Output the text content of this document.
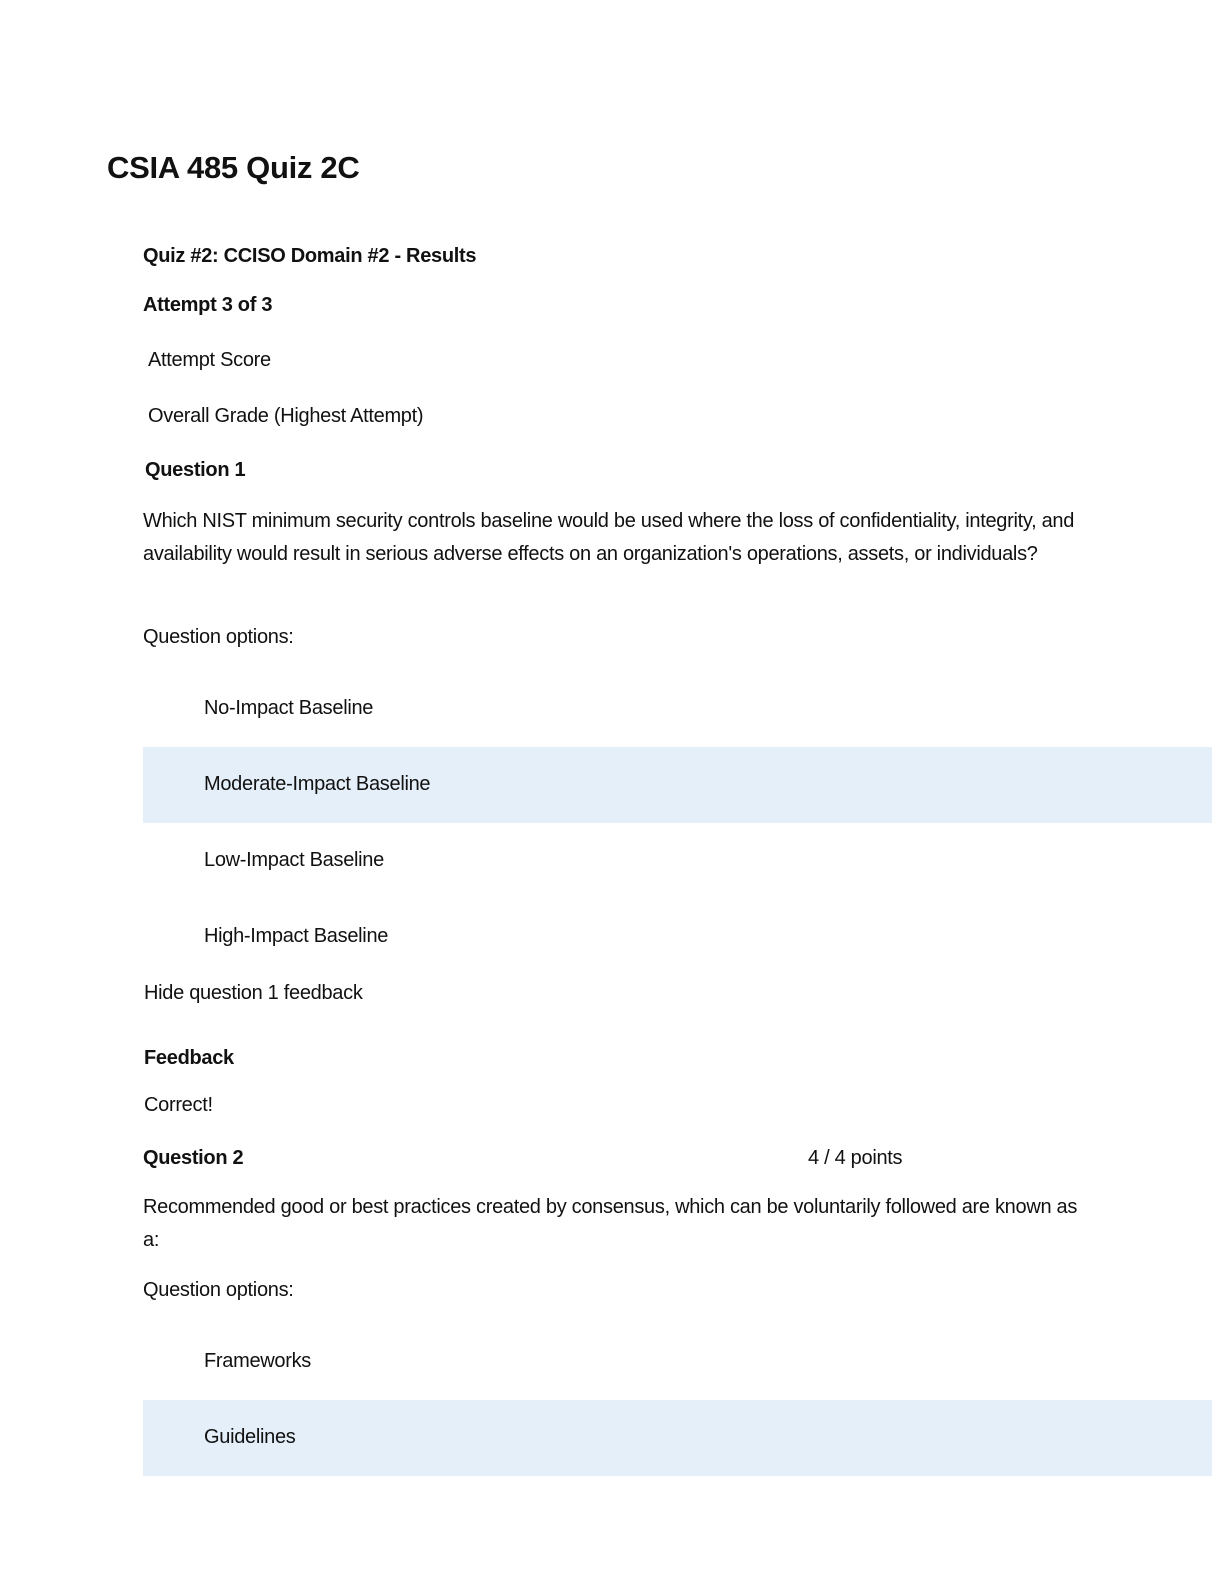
CSIA 485 Quiz 2C
Quiz #2: CCISO Domain #2 - Results
Attempt 3 of 3
Attempt Score
Overall Grade (Highest Attempt)
Question 1
Which NIST minimum security controls baseline would be used where the loss of confidentiality, integrity, and availability would result in serious adverse effects on an organization's operations, assets, or individuals?
Question options:
No-Impact Baseline
Moderate-Impact Baseline
Low-Impact Baseline
High-Impact Baseline
Hide question 1 feedback
Feedback
Correct!
Question 2	4 / 4 points
Recommended good or best practices created by consensus, which can be voluntarily followed are known as a:
Question options:
Frameworks
Guidelines
